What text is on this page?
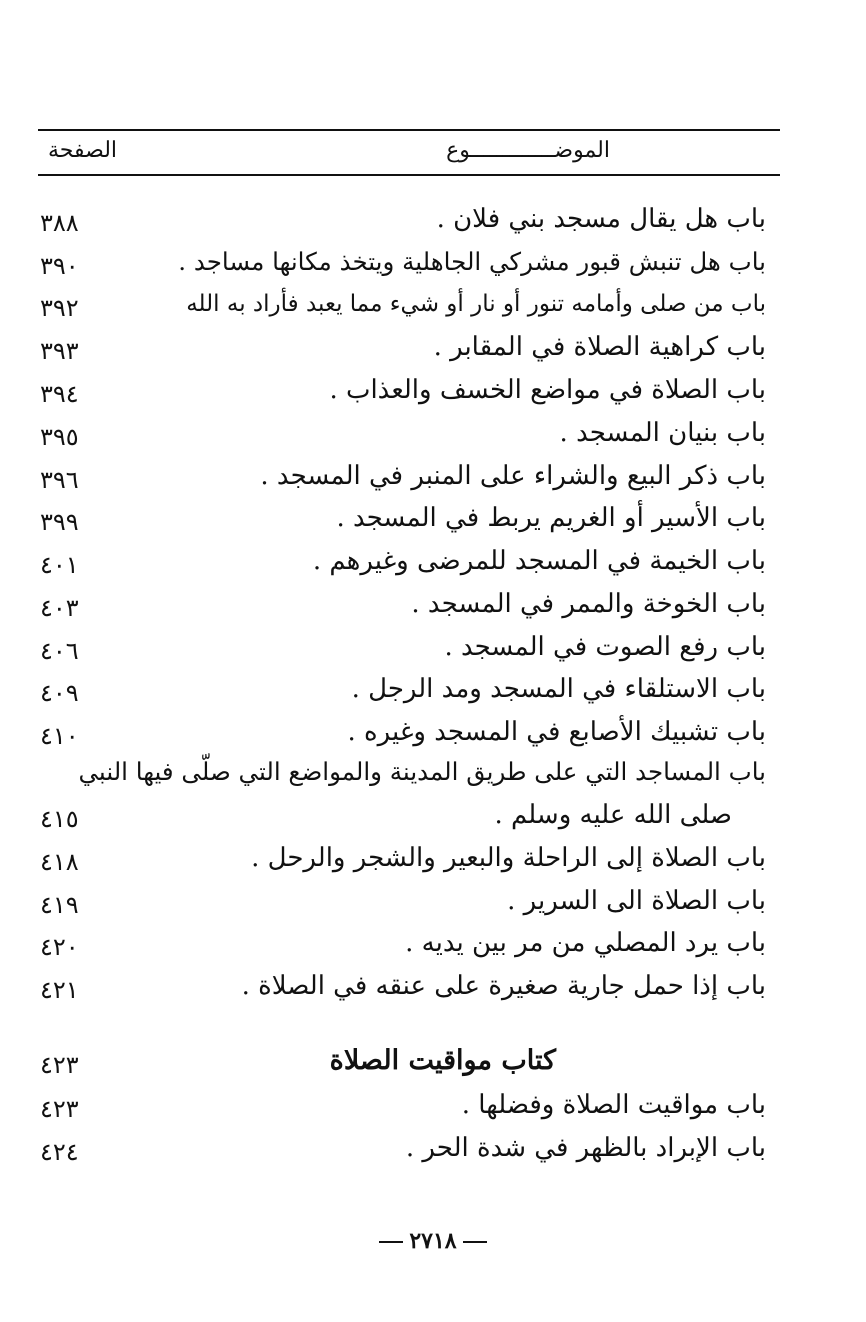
الموضـــــــــــــوع
الصفحة
باب هل يقال مسجد بني فلان .
٣٨٨
باب هل تنبش قبور مشركي الجاهلية ويتخذ مكانها مساجد .
٣٩٠
باب من صلى وأمامه تنور أو نار أو شيء مما يعبد فأراد به الله
٣٩٢
باب كراهية الصلاة في المقابر .
٣٩٣
باب الصلاة في مواضع الخسف والعذاب .
٣٩٤
باب بنيان المسجد .
٣٩٥
باب ذكر البيع والشراء على المنبر في المسجد .
٣٩٦
باب الأسير أو الغريم يربط في المسجد .
٣٩٩
باب الخيمة في المسجد للمرضى وغيرهم .
٤٠١
باب الخوخة والممر في المسجد .
٤٠٣
باب رفع الصوت في المسجد .
٤٠٦
باب الاستلقاء في المسجد ومد الرجل .
٤٠٩
باب تشبيك الأصابع في المسجد وغيره .
٤١٠
باب المساجد التي على طريق المدينة والمواضع التي صلّى فيها النبي
صلى الله عليه وسلم .
٤١٥
باب الصلاة إلى الراحلة والبعير والشجر والرحل .
٤١٨
باب الصلاة الى السرير .
٤١٩
باب يرد المصلي من مر بين يديه .
٤٢٠
باب إذا حمل جارية صغيرة على عنقه في الصلاة .
٤٢١
كتاب مواقيت الصلاة
٤٢٣
باب مواقيت الصلاة وفضلها .
٤٢٣
باب الإبراد بالظهر في شدة الحر .
٤٢٤
٢٧١٨
